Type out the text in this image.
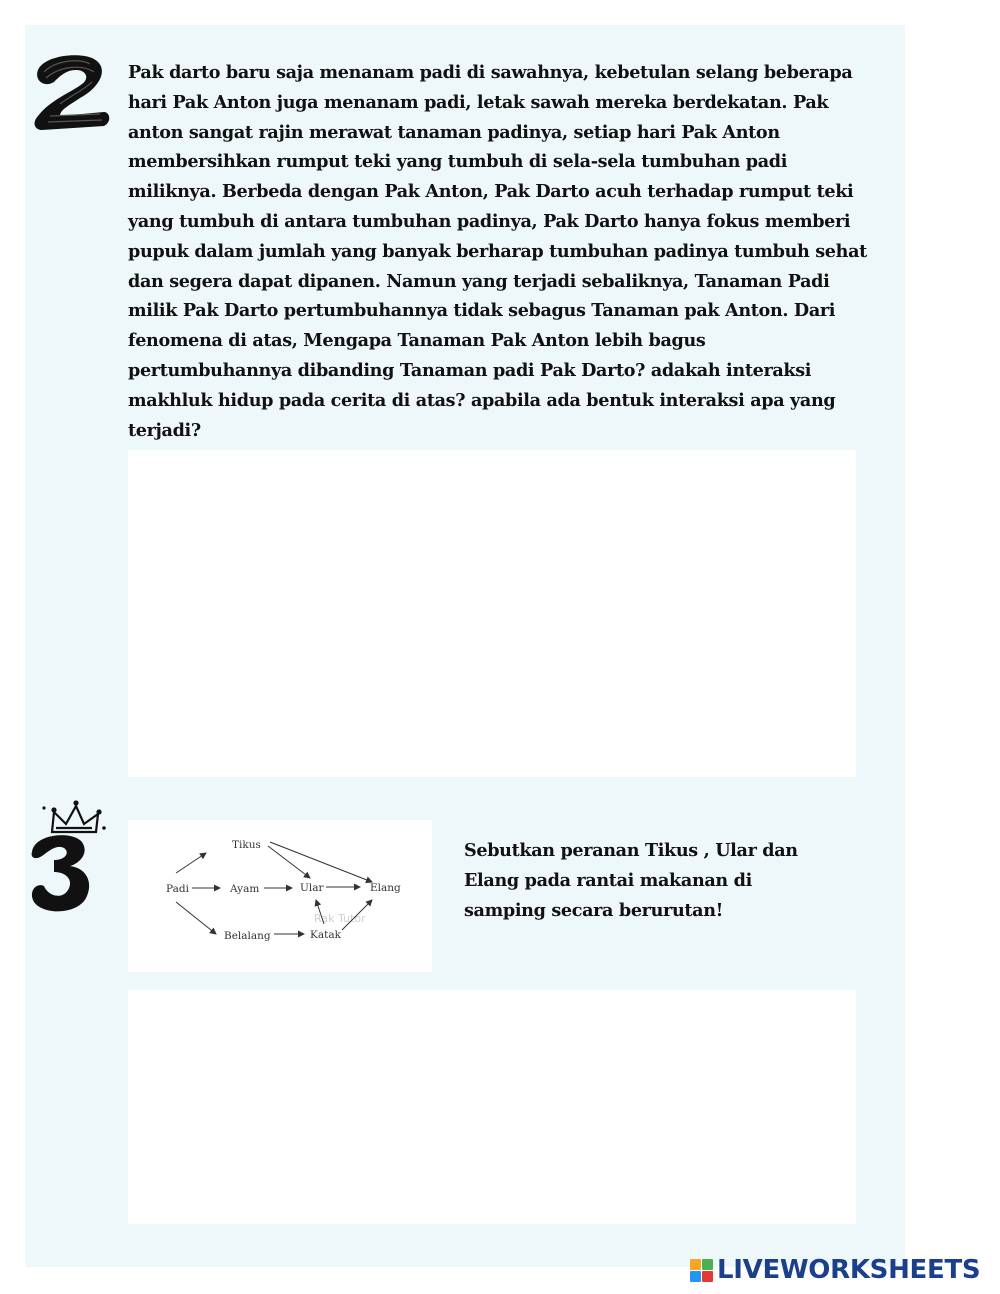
Pak darto baru saja menanam padi di sawahnya, kebetulan selang beberapa hari Pak Anton juga menanam padi, letak sawah mereka berdekatan. Pak anton sangat rajin merawat tanaman padinya, setiap hari Pak Anton membersihkan rumput teki yang tumbuh di sela-sela tumbuhan padi miliknya. Berbeda dengan Pak Anton, Pak Darto acuh terhadap rumput teki yang tumbuh di antara tumbuhan padinya, Pak Darto hanya fokus memberi pupuk dalam jumlah yang banyak berharap tumbuhan padinya tumbuh sehat dan segera dapat dipanen. Namun yang terjadi sebaliknya, Tanaman Padi milik Pak Darto pertumbuhannya tidak sebagus Tanaman pak Anton. Dari fenomena di atas, Mengapa Tanaman Pak Anton lebih bagus pertumbuhannya dibanding Tanaman padi Pak Darto? adakah interaksi makhluk hidup pada cerita di atas? apabila ada bentuk interaksi apa yang terjadi?
Tikus
Padi	Ayam	Ular	Elang
Belalang	Katak
Rak Tutor
Sebutkan peranan Tikus , Ular dan Elang pada rantai makanan di samping secara berurutan!
LIVEWORKSHEETS
